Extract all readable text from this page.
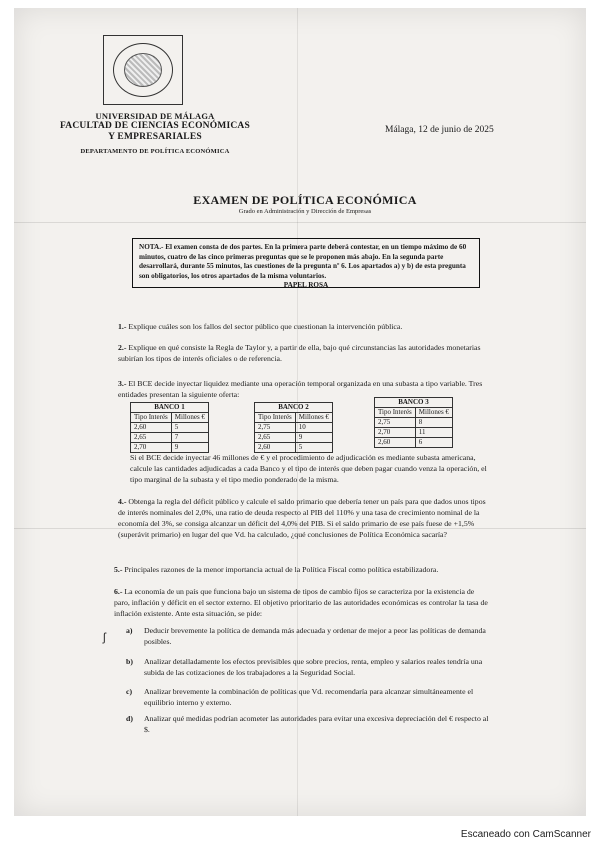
UNIVERSIDAD DE MÁLAGA
FACULTAD DE CIENCIAS ECONÓMICAS
Y EMPRESARIALES
DEPARTAMENTO DE POLÍTICA ECONÓMICA
Málaga, 12 de junio de 2025
EXAMEN DE POLÍTICA ECONÓMICA
Grado en Administración y Dirección de Empresas
NOTA.- El examen consta de dos partes. En la primera parte deberá contestar, en un tiempo máximo de 60 minutos, cuatro de las cinco primeras preguntas que se le proponen más abajo. En la segunda parte desarrollará, durante 55 minutos, las cuestiones de la pregunta nº 6. Los apartados a) y b) de esta pregunta son obligatorios, los otros apartados de la misma voluntarios.
PAPEL ROSA
1.- Explique cuáles son los fallos del sector público que cuestionan la intervención pública.
2.- Explique en qué consiste la Regla de Taylor y, a partir de ella, bajo qué circunstancias las autoridades monetarias subirían los tipos de interés oficiales o de referencia.
3.- El BCE decide inyectar liquidez mediante una operación temporal organizada en una subasta a tipo variable. Tres entidades presentan la siguiente oferta:
BANCO 1	
Tipo Interés	Millones €
2,60	5
2,65	7
2,70	9
BANCO 2	
Tipo Interés	Millones €
2,75	10
2,65	9
2,60	5
BANCO 3	
Tipo Interés	Millones €
2,75	8
2,70	11
2,60	6
Si el BCE decide inyectar 46 millones de € y el procedimiento de adjudicación es mediante subasta americana, calcule las cantidades adjudicadas a cada Banco y el tipo de interés que deben pagar cuando venza la operación, el tipo marginal de la subasta y el tipo medio ponderado de la misma.
4.- Obtenga la regla del déficit público y calcule el saldo primario que debería tener un país para que dados unos tipos de interés nominales del 2,0%, una ratio de deuda respecto al PIB del 110% y una tasa de crecimiento nominal de la economía del 3%, se consiga alcanzar un déficit del 4,0% del PIB. Si el saldo primario de ese país fuese de +1,5% (superávit primario) en lugar del que Vd. ha calculado, ¿qué conclusiones de Política Económica sacaría?
5.- Principales razones de la menor importancia actual de la Política Fiscal como política estabilizadora.
6.- La economía de un país que funciona bajo un sistema de tipos de cambio fijos se caracteriza por la existencia de paro, inflación y déficit en el sector externo. El objetivo prioritario de las autoridades económicas es controlar la tasa de inflación existente. Ante esta situación, se pide:
a) Deducir brevemente la política de demanda más adecuada y ordenar de mejor a peor las políticas de demanda posibles.
b) Analizar detalladamente los efectos previsibles que sobre precios, renta, empleo y salarios reales tendría una subida de las cotizaciones de los trabajadores a la Seguridad Social.
c) Analizar brevemente la combinación de políticas que Vd. recomendaría para alcanzar simultáneamente el equilibrio interno y externo.
d) Analizar qué medidas podrían acometer las autoridades para evitar una excesiva depreciación del € respecto al $.
ʃ
Escaneado con CamScanner
